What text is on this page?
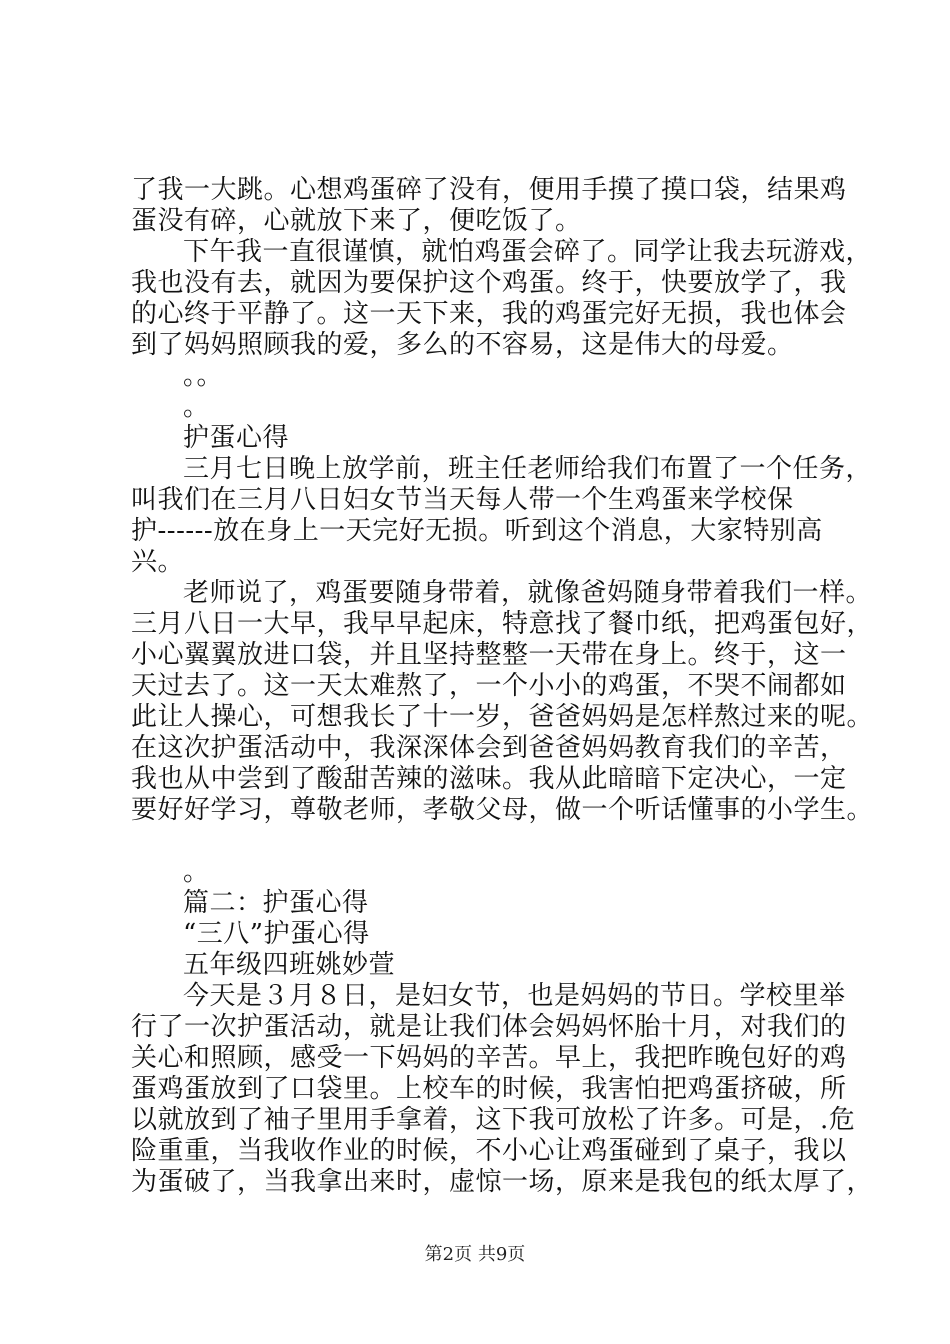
了我一大跳。心想鸡蛋碎了没有，便用手摸了摸口袋，结果鸡
蛋没有碎，心就放下来了，便吃饭了。
下午我一直很谨慎，就怕鸡蛋会碎了。同学让我去玩游戏，
我也没有去，就因为要保护这个鸡蛋。终于，快要放学了，我
的心终于平静了。这一天下来，我的鸡蛋完好无损，我也体会
到了妈妈照顾我的爱，多么的不容易，这是伟大的母爱。
。。
。
护蛋心得
三月七日晚上放学前，班主任老师给我们布置了一个任务，
叫我们在三月八日妇女节当天每人带一个生鸡蛋来学校保
护------放在身上一天完好无损。听到这个消息，大家特别高
兴。
老师说了，鸡蛋要随身带着，就像爸妈随身带着我们一样。
三月八日一大早，我早早起床，特意找了餐巾纸，把鸡蛋包好，
小心翼翼放进口袋，并且坚持整整一天带在身上。终于，这一
天过去了。这一天太难熬了，一个小小的鸡蛋，不哭不闹都如
此让人操心，可想我长了十一岁，爸爸妈妈是怎样熬过来的呢。
在这次护蛋活动中，我深深体会到爸爸妈妈教育我们的辛苦，
我也从中尝到了酸甜苦辣的滋味。我从此暗暗下定决心，一定
要好好学习，尊敬老师，孝敬父母，做一个听话懂事的小学生。
。
篇二：护蛋心得
“三八”护蛋心得
五年级四班姚妙萱
今天是３月８日，是妇女节，也是妈妈的节日。学校里举
行了一次护蛋活动，就是让我们体会妈妈怀胎十月，对我们的
关心和照顾，感受一下妈妈的辛苦。早上，我把昨晚包好的鸡
蛋鸡蛋放到了口袋里。上校车的时候，我害怕把鸡蛋挤破，所
以就放到了袖子里用手拿着，这下我可放松了许多。可是，.危
险重重，当我收作业的时候，不小心让鸡蛋碰到了桌子，我以
为蛋破了，当我拿出来时，虚惊一场，原来是我包的纸太厚了，
第2页 共9页
